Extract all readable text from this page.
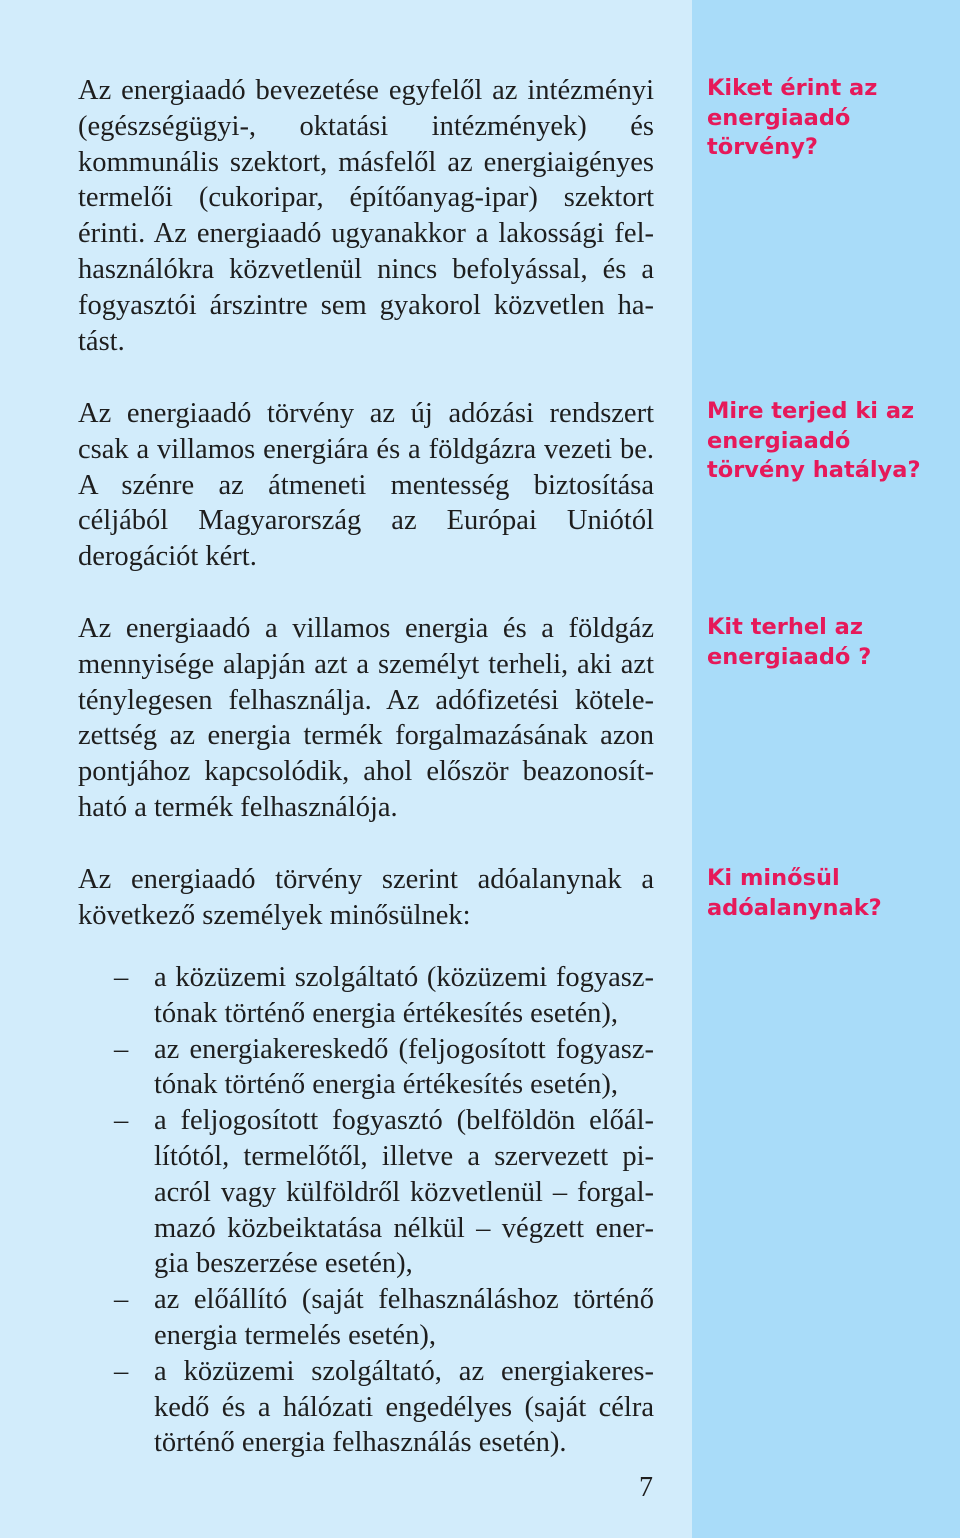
Az energiaadó bevezetése egyfelől az intézményi (egészségügyi-, oktatási intézmények) és kommunális szektort, másfelől az energiaigényes termelői (cukoripar, építőanyag-ipar) szektort érinti. Az energiaadó ugyanakkor a lakossági felhasználókra közvetlenül nincs befolyással, és a fogyasztói árszintre sem gyakorol közvetlen hatást.

Az energiaadó törvény az új adózási rendszert csak a villamos energiára és a földgázra vezeti be. A szénre az átmeneti mentesség biztosítása céljából Magyarország az Európai Uniótól derogációt kért.

Az energiaadó a villamos energia és a földgáz mennyisége alapján azt a személyt terheli, aki azt ténylegesen felhasználja. Az adófizetési kötelezettség az energia termék forgalmazásának azon pontjához kapcsolódik, ahol először beazonosítható a termék felhasználója.

Az energiaadó törvény szerint adóalanynak a következő személyek minősülnek:

– a közüzemi szolgáltató (közüzemi fogyasztónak történő energia értékesítés esetén),
– az energiakereskedő (feljogosított fogyasztónak történő energia értékesítés esetén),
– a feljogosított fogyasztó (belföldön előállítótól, termelőtől, illetve a szervezett piacról vagy külföldről közvetlenül – forgalmazó közbeiktatása nélkül – végzett energia beszerzése esetén),
– az előállító (saját felhasználáshoz történő energia termelés esetén),
– a közüzemi szolgáltató, az energiakereskedő és a hálózati engedélyes (saját célra történő energia felhasználás esetén).

Kiket érint az energiaadó törvény?

Mire terjed ki az energiaadó törvény hatálya?

Kit terhel az energiaadó ?

Ki minősül adóalanynak?

7
